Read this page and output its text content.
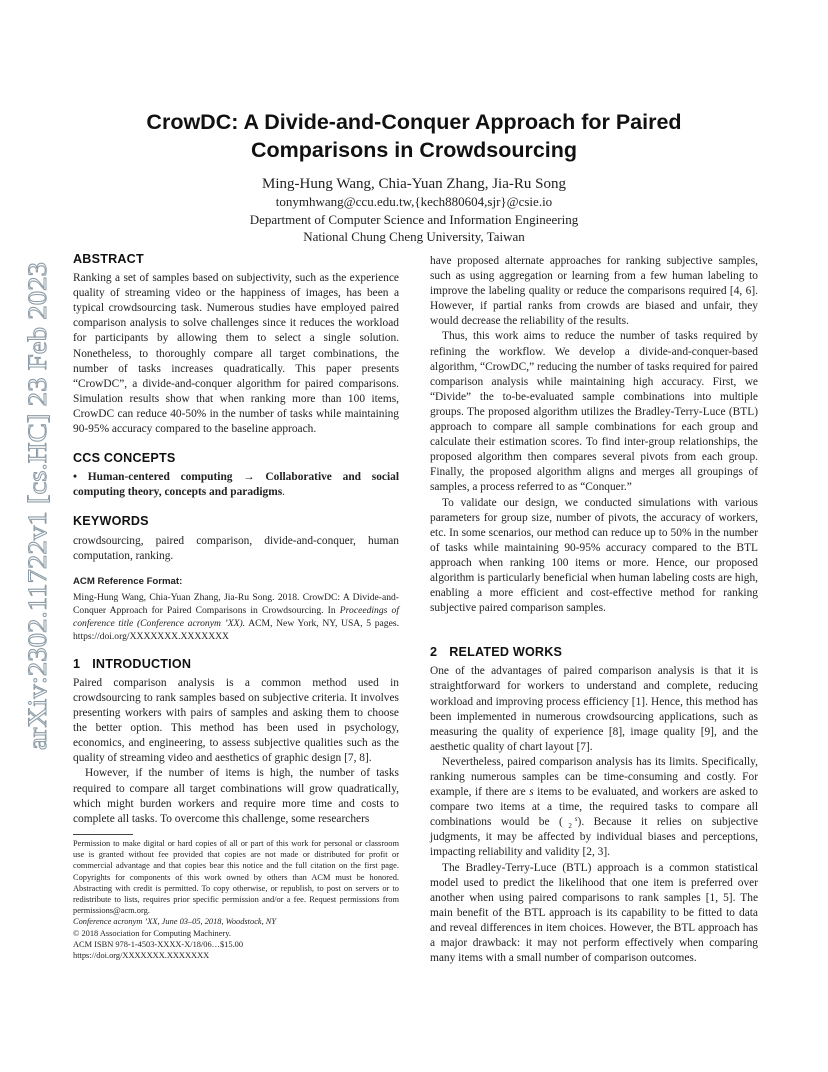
arXiv:2302.11722v1 [cs.HC] 23 Feb 2023
CrowDC: A Divide-and-Conquer Approach for Paired
Comparisons in Crowdsourcing
Ming-Hung Wang, Chia-Yuan Zhang, Jia-Ru Song
tonymhwang@ccu.edu.tw,{kech880604,sjr}@csie.io
Department of Computer Science and Information Engineering
National Chung Cheng University, Taiwan
ABSTRACT

Ranking a set of samples based on subjectivity, such as the experience quality of streaming video or the happiness of images, has been a typical crowdsourcing task. Numerous studies have employed paired comparison analysis to solve challenges since it reduces the workload for participants by allowing them to select a single solution. Nonetheless, to thoroughly compare all target combinations, the number of tasks increases quadratically. This paper presents “CrowDC”, a divide-and-conquer algorithm for paired comparisons. Simulation results show that when ranking more than 100 items, CrowDC can reduce 40-50% in the number of tasks while maintaining 90-95% accuracy compared to the baseline approach.

CCS CONCEPTS

• Human-centered computing → Collaborative and social computing theory, concepts and paradigms.

KEYWORDS

crowdsourcing, paired comparison, divide-and-conquer, human computation, ranking.

ACM Reference Format:

Ming-Hung Wang, Chia-Yuan Zhang, Jia-Ru Song. 2018. CrowDC: A Divide-and-Conquer Approach for Paired Comparisons in Crowdsourcing. In Proceedings of conference title (Conference acronym ’XX). ACM, New York, NY, USA, 5 pages. https://doi.org/XXXXXXX.XXXXXXX

1 INTRODUCTION

Paired comparison analysis is a common method used in crowdsourcing to rank samples based on subjective criteria. It involves presenting workers with pairs of samples and asking them to choose the better option. This method has been used in psychology, economics, and engineering, to assess subjective qualities such as the quality of streaming video and aesthetics of graphic design [7, 8].

However, if the number of items is high, the number of tasks required to compare all target combinations will grow quadratically, which might burden workers and require more time and costs to complete all tasks. To overcome this challenge, some researchers

Permission to make digital or hard copies of all or part of this work for personal or classroom use is granted without fee provided that copies are not made or distributed for profit or commercial advantage and that copies bear this notice and the full citation on the first page. Copyrights for components of this work owned by others than ACM must be honored. Abstracting with credit is permitted. To copy otherwise, or republish, to post on servers or to redistribute to lists, requires prior specific permission and/or a fee. Request permissions from permissions@acm.org.

Conference acronym ’XX, June 03–05, 2018, Woodstock, NY

© 2018 Association for Computing Machinery.

ACM ISBN 978-1-4503-XXXX-X/18/06…$15.00

https://doi.org/XXXXXXX.XXXXXXX

have proposed alternate approaches for ranking subjective samples, such as using aggregation or learning from a few human labeling to improve the labeling quality or reduce the comparisons required [4, 6]. However, if partial ranks from crowds are biased and unfair, they would decrease the reliability of the results.

Thus, this work aims to reduce the number of tasks required by refining the workflow. We develop a divide-and-conquer-based algorithm, “CrowDC,” reducing the number of tasks required for paired comparison analysis while maintaining high accuracy. First, we “Divide” the to-be-evaluated sample combinations into multiple groups. The proposed algorithm utilizes the Bradley-Terry-Luce (BTL) approach to compare all sample combinations for each group and calculate their estimation scores. To find inter-group relationships, the proposed algorithm then compares several pivots from each group. Finally, the proposed algorithm aligns and merges all groupings of samples, a process referred to as “Conquer.”

To validate our design, we conducted simulations with various parameters for group size, number of pivots, the accuracy of workers, etc. In some scenarios, our method can reduce up to 50% in the number of tasks while maintaining 90-95% accuracy compared to the BTL approach when ranking 100 items or more. Hence, our proposed algorithm is particularly beneficial when human labeling costs are high, enabling a more efficient and cost-effective method for ranking subjective paired comparison samples.

2 RELATED WORKS

One of the advantages of paired comparison analysis is that it is straightforward for workers to understand and complete, reducing workload and improving process efficiency [1]. Hence, this method has been implemented in numerous crowdsourcing applications, such as measuring the quality of experience [8], image quality [9], and the aesthetic quality of chart layout [7].

Nevertheless, paired comparison analysis has its limits. Specifically, ranking numerous samples can be time-consuming and costly. For example, if there are s items to be evaluated, and workers are asked to compare two items at a time, the required tasks to compare all combinations would be ( s
2 ). Because it relies on subjective judgments, it may be affected by individual biases and perceptions, impacting reliability and validity [2, 3].

The Bradley-Terry-Luce (BTL) approach is a common statistical model used to predict the likelihood that one item is preferred over another when using paired comparisons to rank samples [1, 5]. The main benefit of the BTL approach is its capability to be fitted to data and reveal differences in item choices. However, the BTL approach has a major drawback: it may not perform effectively when comparing many items with a small number of comparison outcomes.
